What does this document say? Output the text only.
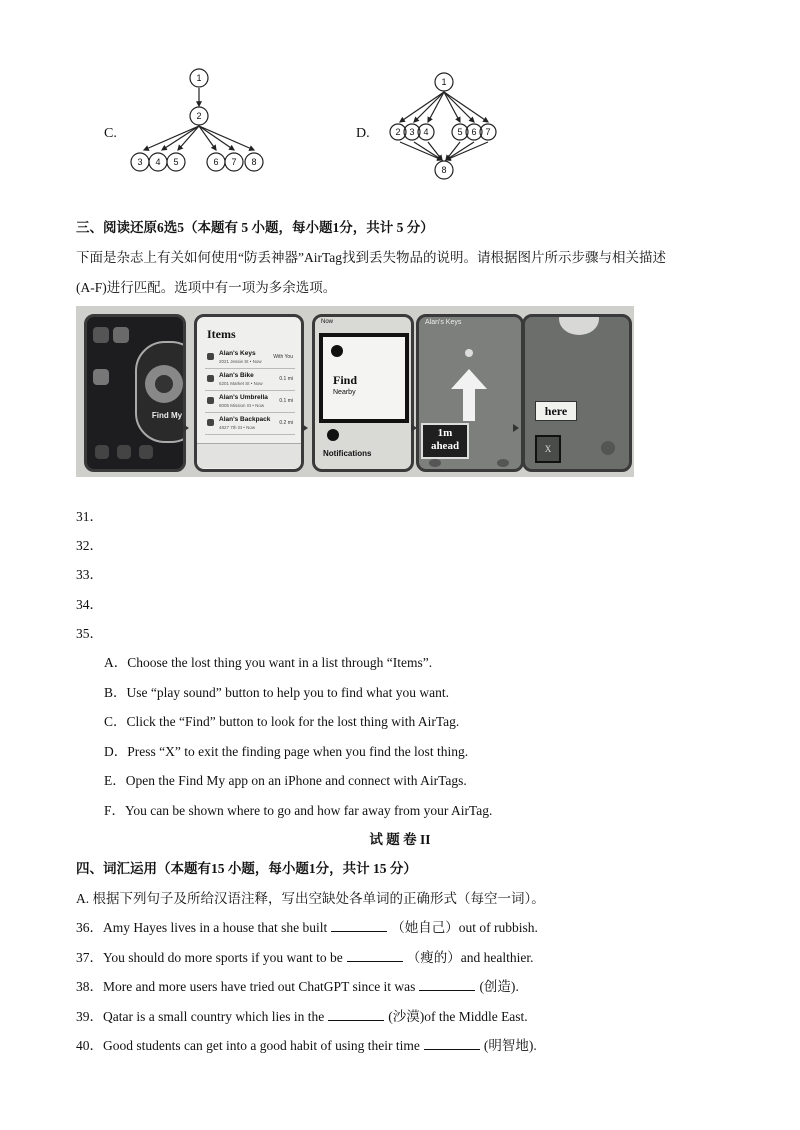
C.
1
2
3 4 5	6 7 8
D.
1
2 3 4	5 6 7
8
三、阅读还原6选5（本题有 5 小题，每小题1分，共计 5 分）
下面是杂志上有关如何使用“防丢神器”AirTag找到丢失物品的说明。请根据图片所示步骤与相关描述
(A-F)进行匹配。选项中有一项为多余选项。
Find My
Items
Alan's Keys
2021 Jessie St • Now
With You
Alan's Bike
6201 Market St • Now
0.1 mi
Alan's Umbrella
8005 Mission St • Now
0.1 mi
Alan's Backpack
4827 7th St • Now
0.2 mi
Now
Find
Nearby
Notifications
Alan's Keys
1m
ahead
here
X
31．
32．
33．
34．
35．
A．Choose the lost thing you want in a list through “Items”.
B．Use “play sound” button to help you to find what you want.
C．Click the “Find” button to look for the lost thing with AirTag.
D．Press “X” to exit the finding page when you find the lost thing.
E．Open the Find My app on an iPhone and connect with AirTags.
F．You can be shown where to go and how far away from your AirTag.
试 题 卷 II
四、词汇运用（本题有15 小题，每小题1分，共计 15 分）
A. 根据下列句子及所给汉语注释，写出空缺处各单词的正确形式（每空一词）。
36．Amy Hayes lives in a house that she built	（她自己）out of rubbish.
37．You should do more sports if you want to be	（瘦的）and healthier.
38．More and more users have tried out ChatGPT since it was	(创造).
39．Qatar is a small country which lies in the	(沙漠)of the Middle East.
40．Good students can get into a good habit of using their time	(明智地).
